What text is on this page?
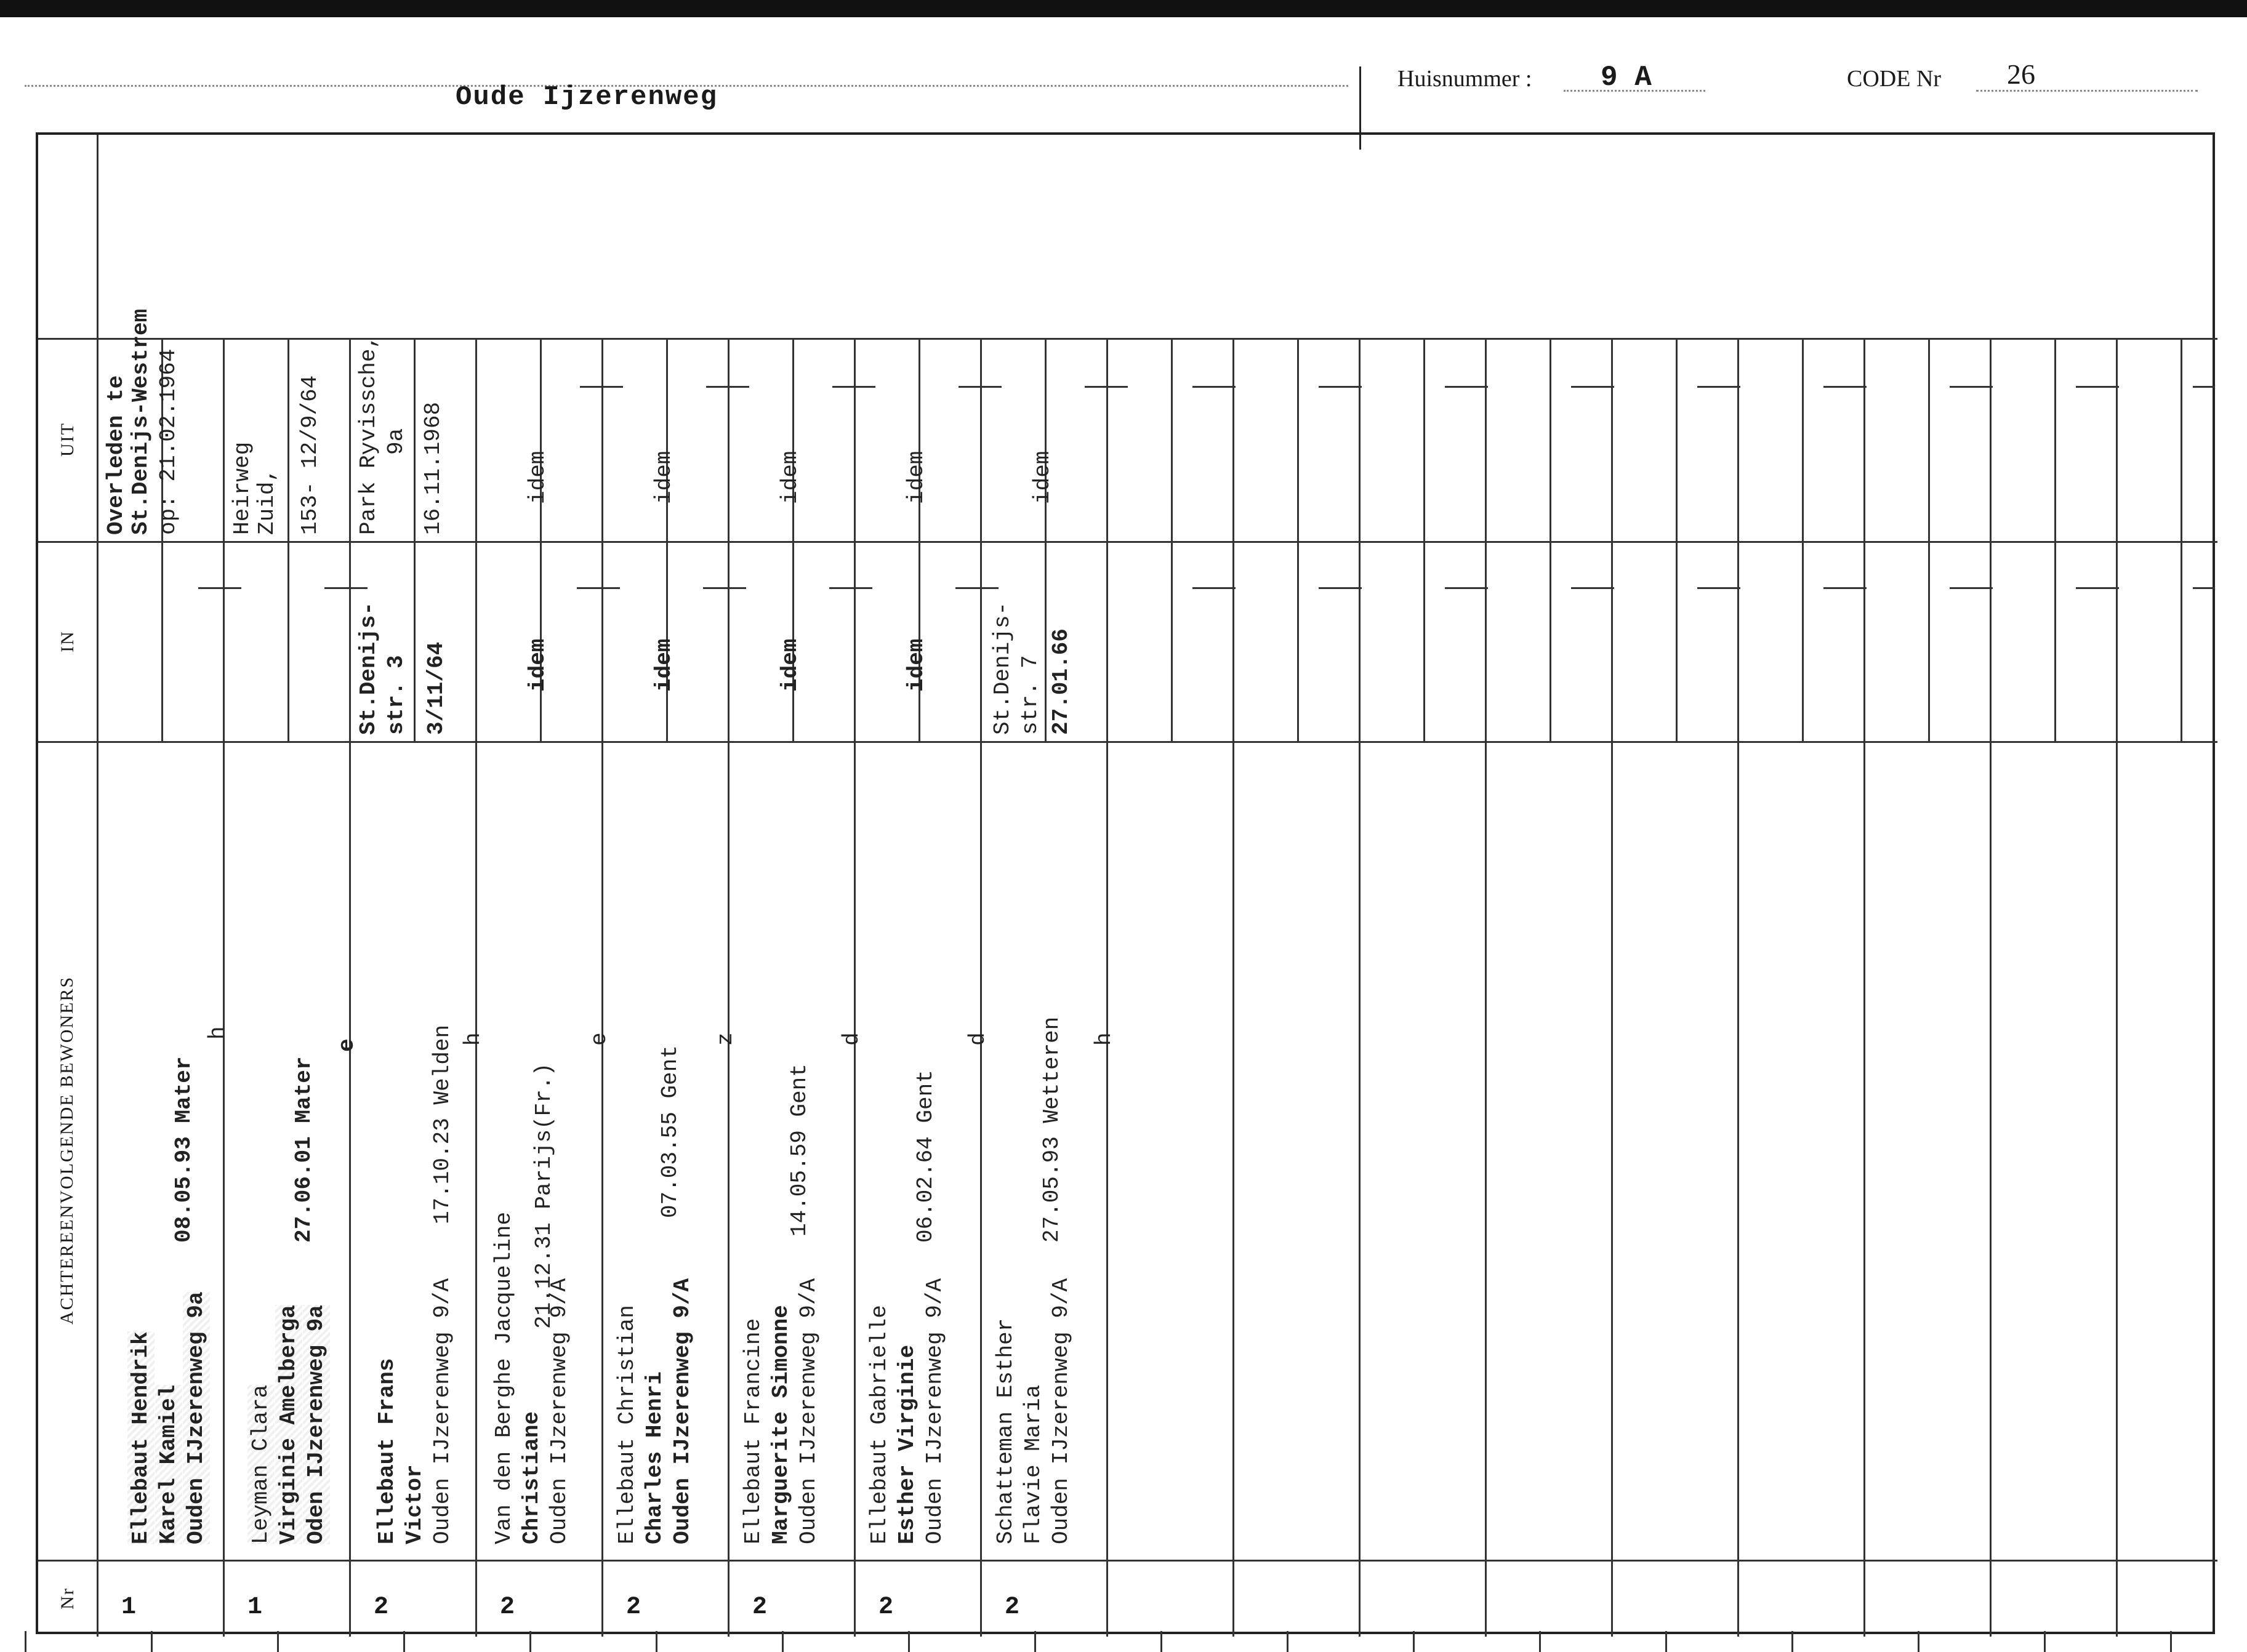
Oude Ijzerenweg
Huisnummer : 9 A	CODE Nr 26
UIT
IN
ACHTEREENVOLGENDE BEWONERS
Nr
Overleden te St.Denijs-Westrem op: 21.02.1964
Ellebaut Hendrik Karel Kamiel Ouden IJzerenweg 9a
08.05.93 Mater
h
1
Heirweg Zuid, 153- 12/9/64
Leyman Clara Virginie Amelberga Oden IJzerenweg 9a
27.06.01 Mater
e
1
Park Ryvissche, 9a 16.11.1968
St.Denijs- str. 3 3/11/64
Ellebaut Frans Victor Ouden IJzerenweg 9/A
17.10.23 Welden h
2
idem
idem
Van den Berghe Jacqueline Christiane Ouden IJzerenweg 9/A
21.12.31 Parijs(Fr.)
e
2
idem
idem
Ellebaut Christian Charles Henri Ouden IJzerenweg 9/A
07.03.55 Gent
z
2
idem
idem
Ellebaut Francine Marguerite Simonne Ouden IJzerenweg 9/A
14.05.59 Gent
d
2
idem
idem
Ellebaut Gabrielle Esther Virginie Ouden IJzerenweg 9/A
06.02.64 Gent
d
2
idem
St.Denijs- str. 7 27.01.66
Schatteman Esther Flavie Maria Ouden IJzerenweg 9/A
27.05.93 Wetteren h
2
